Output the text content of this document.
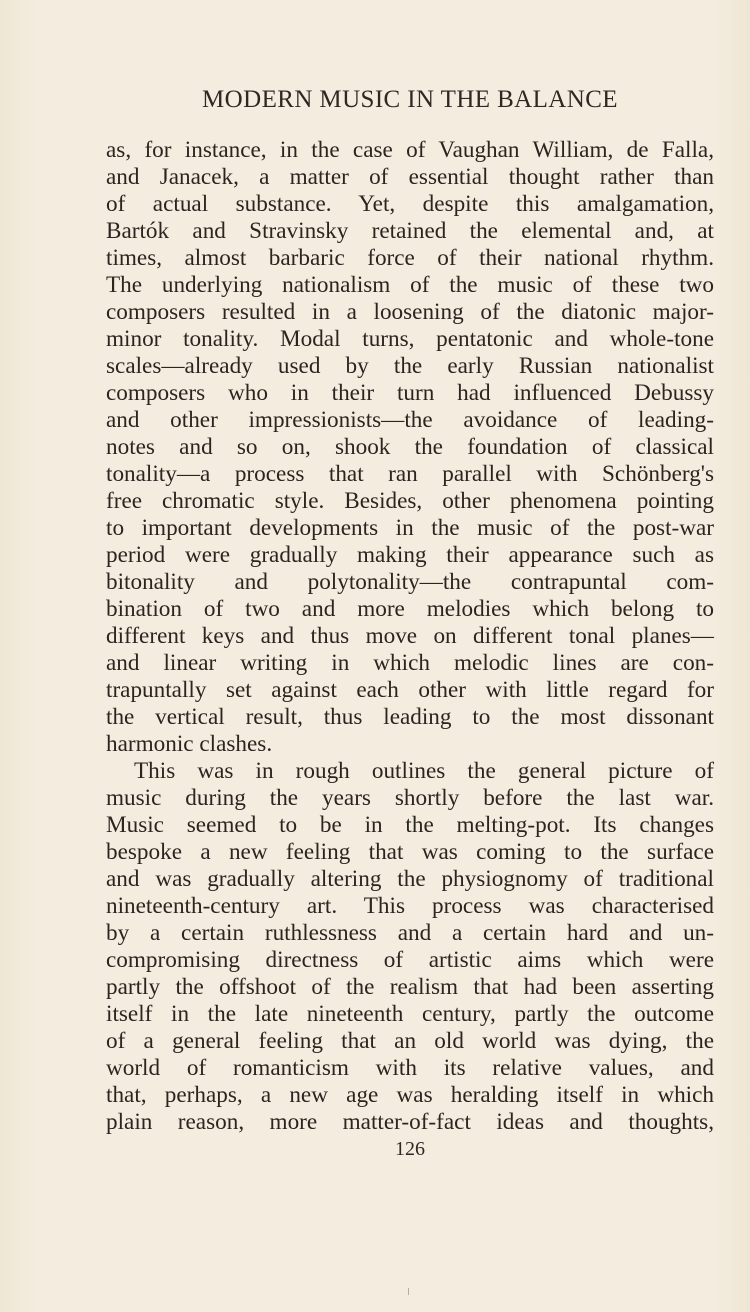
MODERN MUSIC IN THE BALANCE
as, for instance, in the case of Vaughan William, de Falla,
and Janacek, a matter of essential thought rather than
of actual substance. Yet, despite this amalgamation,
Bartók and Stravinsky retained the elemental and, at
times, almost barbaric force of their national rhythm.
The underlying nationalism of the music of these two
composers resulted in a loosening of the diatonic major-
minor tonality. Modal turns, pentatonic and whole-tone
scales—already used by the early Russian nationalist
composers who in their turn had influenced Debussy
and other impressionists—the avoidance of leading-
notes and so on, shook the foundation of classical
tonality—a process that ran parallel with Schönberg's
free chromatic style. Besides, other phenomena pointing
to important developments in the music of the post-war
period were gradually making their appearance such as
bitonality and polytonality—the contrapuntal com-
bination of two and more melodies which belong to
different keys and thus move on different tonal planes—
and linear writing in which melodic lines are con-
trapuntally set against each other with little regard for
the vertical result, thus leading to the most dissonant
harmonic clashes.
This was in rough outlines the general picture of
music during the years shortly before the last war.
Music seemed to be in the melting-pot. Its changes
bespoke a new feeling that was coming to the surface
and was gradually altering the physiognomy of traditional
nineteenth-century art. This process was characterised
by a certain ruthlessness and a certain hard and un-
compromising directness of artistic aims which were
partly the offshoot of the realism that had been asserting
itself in the late nineteenth century, partly the outcome
of a general feeling that an old world was dying, the
world of romanticism with its relative values, and
that, perhaps, a new age was heralding itself in which
plain reason, more matter-of-fact ideas and thoughts,
126
